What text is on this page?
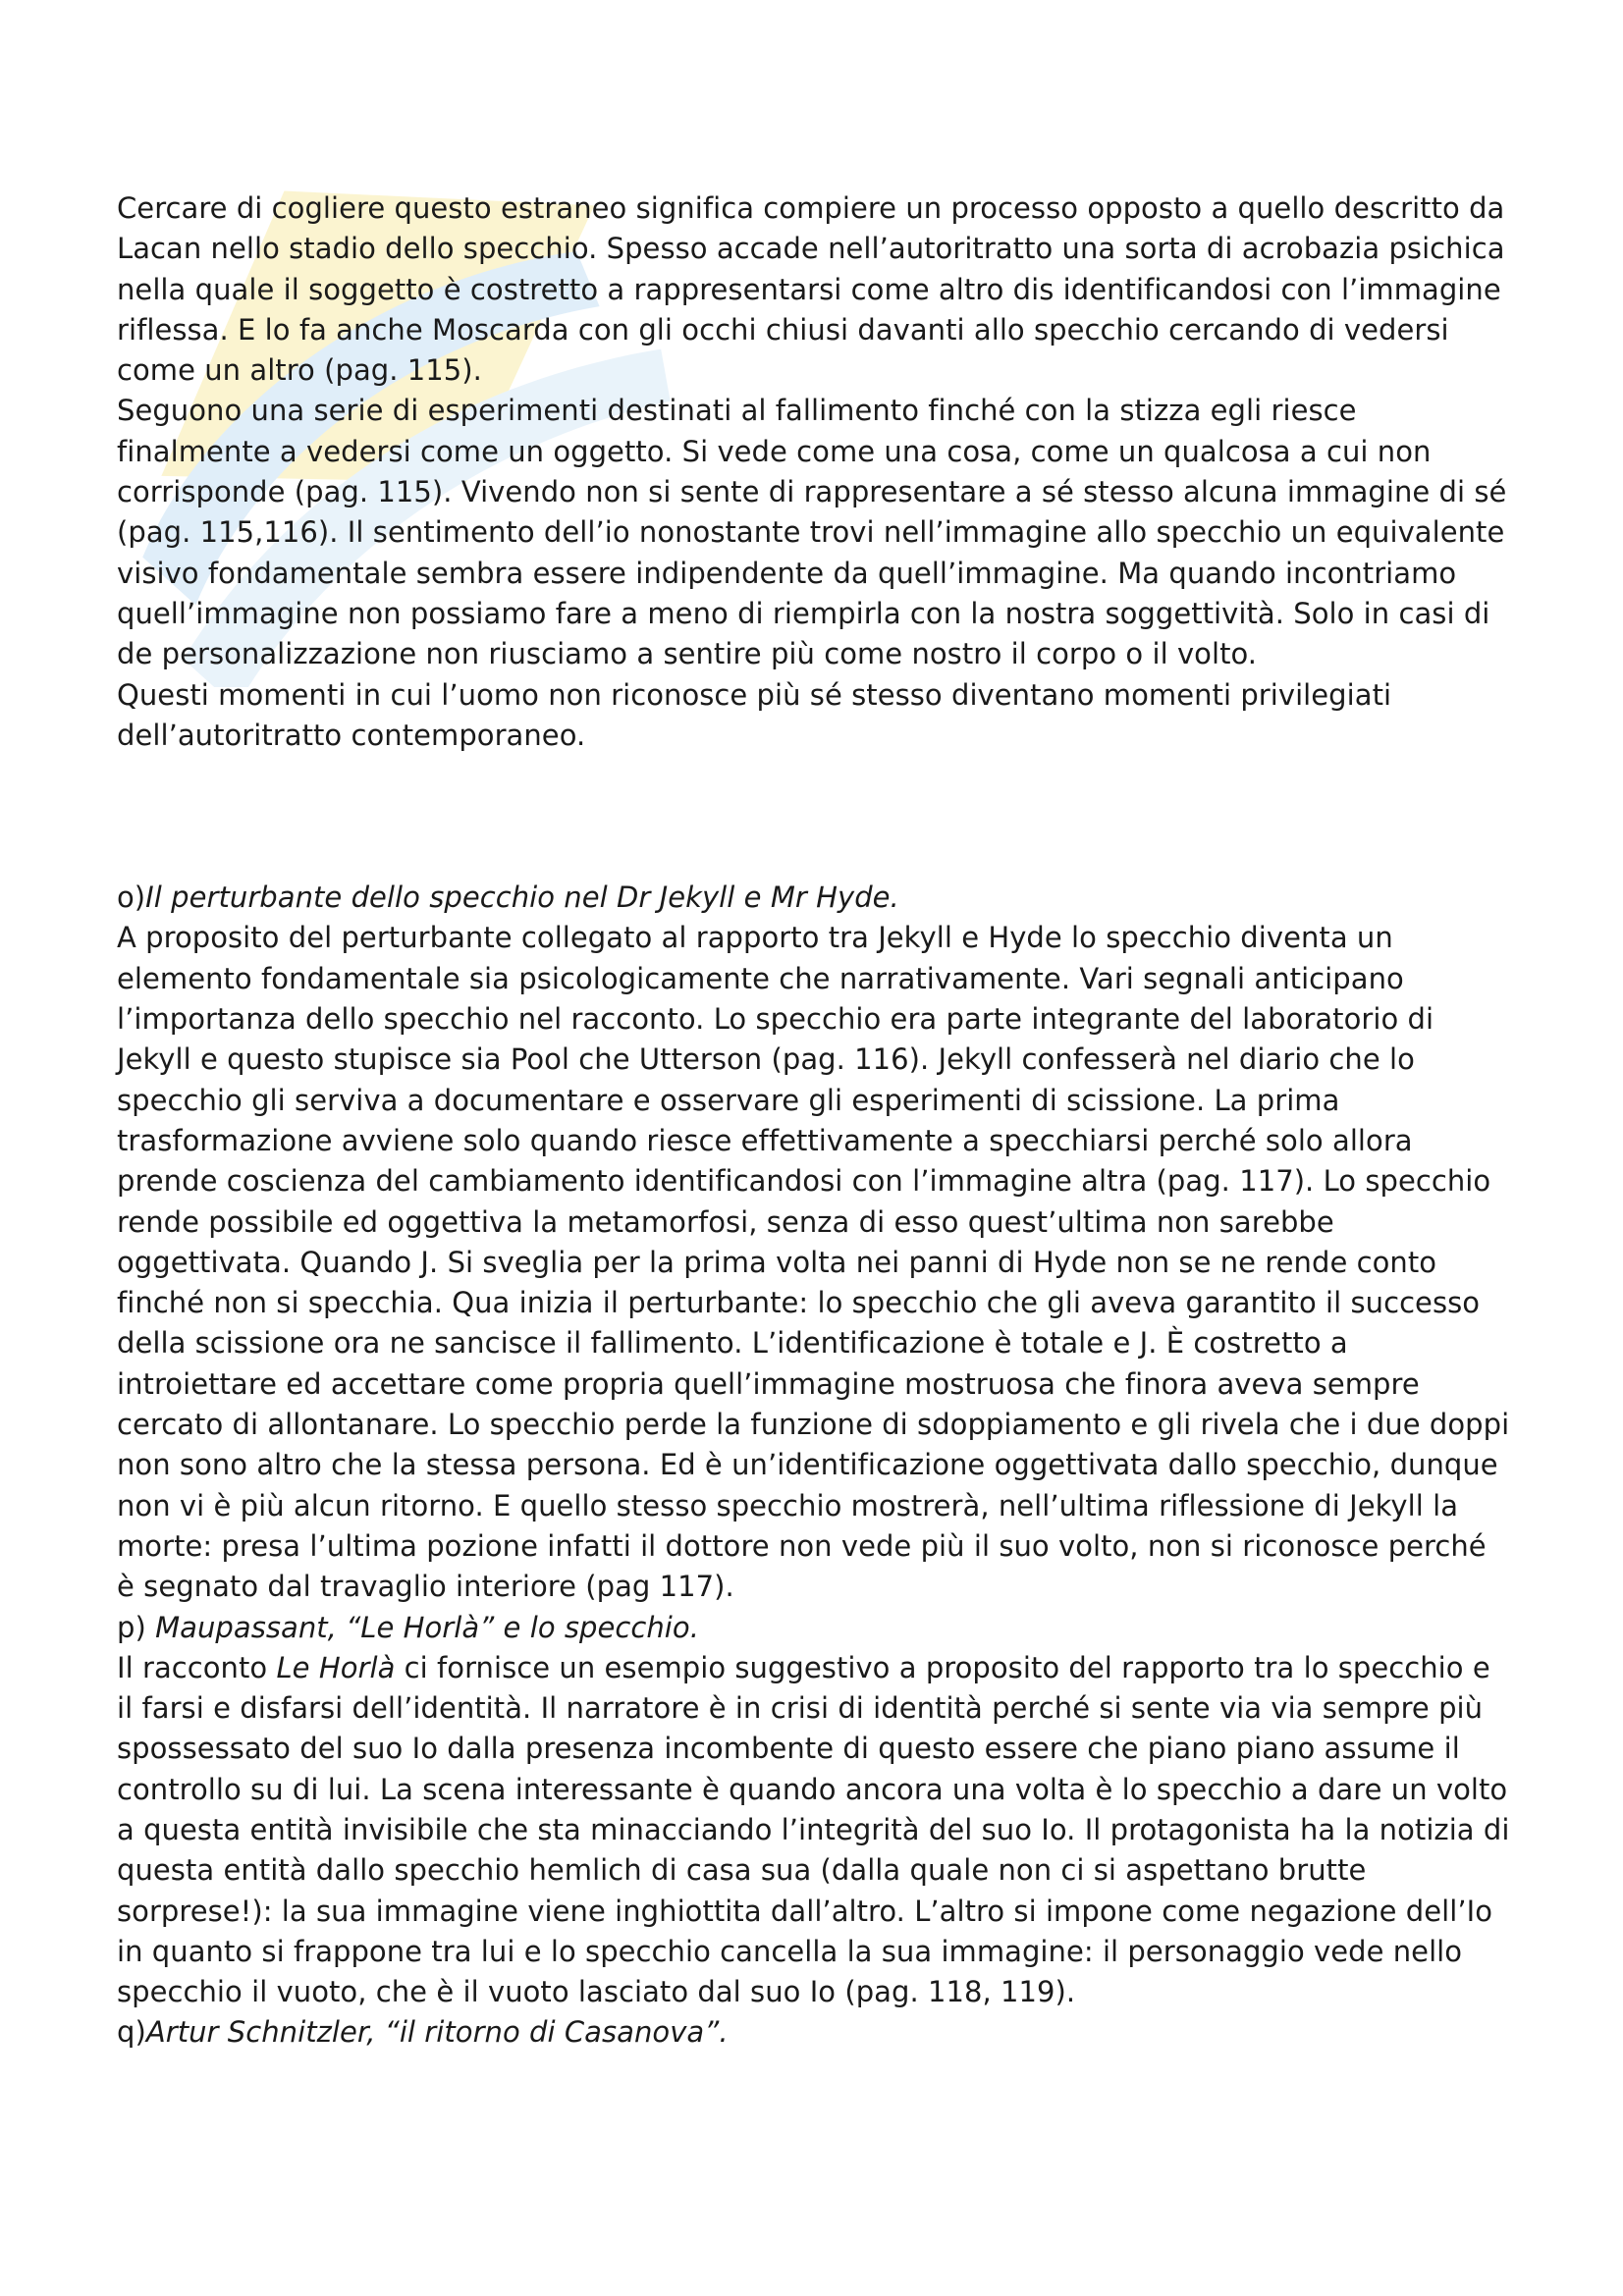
Cercare di cogliere questo estraneo significa compiere un processo opposto a quello descritto da Lacan nello stadio dello specchio. Spesso accade nell’autoritratto una sorta di acrobazia psichica nella quale il soggetto è costretto a rappresentarsi come altro dis identificandosi con l’immagine riflessa. E lo fa anche Moscarda con gli occhi chiusi davanti allo specchio cercando di vedersi come un altro (pag. 115).

Seguono una serie di esperimenti destinati al fallimento finché con la stizza egli riesce finalmente a vedersi come un oggetto. Si vede come una cosa, come un qualcosa a cui non corrisponde (pag. 115). Vivendo non si sente di rappresentare a sé stesso alcuna immagine di sé (pag. 115,116). Il sentimento dell’io nonostante trovi nell’immagine allo specchio un equivalente visivo fondamentale sembra essere indipendente da quell’immagine. Ma quando incontriamo quell’immagine non possiamo fare a meno di riempirla con la nostra soggettività. Solo in casi di de personalizzazione non riusciamo a sentire più come nostro il corpo o il volto.

Questi momenti in cui l’uomo non riconosce più sé stesso diventano momenti privilegiati dell’autoritratto contemporaneo.

o)Il perturbante dello specchio nel Dr Jekyll e Mr Hyde.

A proposito del perturbante collegato al rapporto tra Jekyll e Hyde lo specchio diventa un elemento fondamentale sia psicologicamente che narrativamente. Vari segnali anticipano l’importanza dello specchio nel racconto. Lo specchio era parte integrante del laboratorio di Jekyll e questo stupisce sia Pool che Utterson (pag. 116). Jekyll confesserà nel diario che lo specchio gli serviva a documentare e osservare gli esperimenti di scissione. La prima trasformazione avviene solo quando riesce effettivamente a specchiarsi perché solo allora prende coscienza del cambiamento identificandosi con l’immagine altra (pag. 117). Lo specchio rende possibile ed oggettiva la metamorfosi, senza di esso quest’ultima non sarebbe oggettivata. Quando J. Si sveglia per la prima volta nei panni di Hyde non se ne rende conto finché non si specchia. Qua inizia il perturbante: lo specchio che gli aveva garantito il successo della scissione ora ne sancisce il fallimento. L’identificazione è totale e J. È costretto a introiettare ed accettare come propria quell’immagine mostruosa che finora aveva sempre cercato di allontanare. Lo specchio perde la funzione di sdoppiamento e gli rivela che i due doppi non sono altro che la stessa persona. Ed è un’identificazione oggettivata dallo specchio, dunque non vi è più alcun ritorno. E quello stesso specchio mostrerà, nell’ultima riflessione di Jekyll la morte: presa l’ultima pozione infatti il dottore non vede più il suo volto, non si riconosce perché è segnato dal travaglio interiore (pag 117).

p) Maupassant, “Le Horlà” e lo specchio.

Il racconto Le Horlà ci fornisce un esempio suggestivo a proposito del rapporto tra lo specchio e il farsi e disfarsi dell’identità. Il narratore è in crisi di identità perché si sente via via sempre più spossessato del suo Io dalla presenza incombente di questo essere che piano piano assume il controllo su di lui. La scena interessante è quando ancora una volta è lo specchio a dare un volto a questa entità invisibile che sta minacciando l’integrità del suo Io. Il protagonista ha la notizia di questa entità dallo specchio hemlich di casa sua (dalla quale non ci si aspettano brutte sorprese!): la sua immagine viene inghiottita dall’altro. L’altro si impone come negazione dell’Io in quanto si frappone tra lui e lo specchio cancella la sua immagine: il personaggio vede nello specchio il vuoto, che è il vuoto lasciato dal suo Io (pag. 118, 119).

q)Artur Schnitzler, “il ritorno di Casanova”.
